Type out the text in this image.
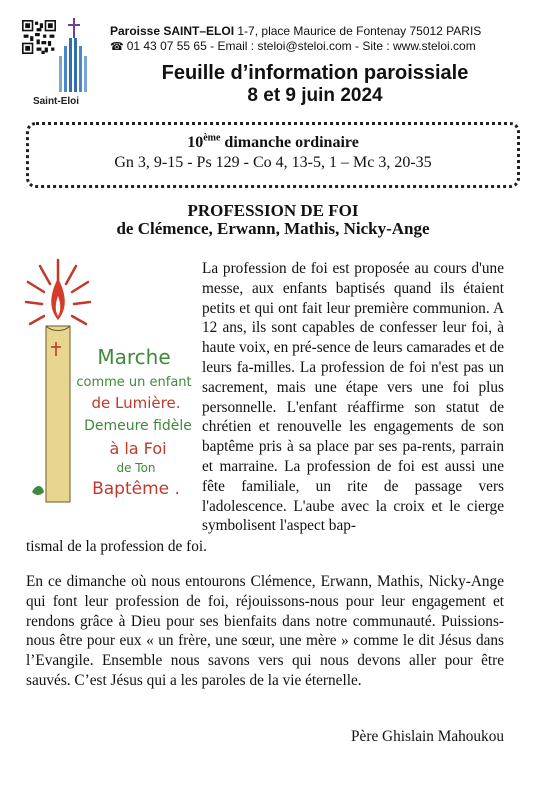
Saint-Eloi
Paroisse SAINT–ELOI 1-7, place Maurice de Fontenay 75012 PARIS
☎ 01 43 07 55 65 - Email : steloi@steloi.com - Site : www.steloi.com
Feuille d’information paroissiale
8 et 9 juin 2024
10ème dimanche ordinaire
Gn 3, 9-15 - Ps 129 - Co 4, 13-5, 1 – Mc 3, 20-35
PROFESSION DE FOI
de Clémence, Erwann, Mathis, Nicky-Ange
Marche
comme un enfant
de Lumière.
Demeure fidèle
à la Foi
de Ton
Baptême .
La profession de foi est proposée au cours d'une messe, aux enfants baptisés quand ils étaient petits et qui ont fait leur première communion. A 12 ans, ils sont capables de confesser leur foi, à haute voix, en pré-sence de leurs camarades et de leurs fa-milles. La profession de foi n'est pas un sacrement, mais une étape vers une foi plus personnelle. L'enfant réaffirme son statut de chrétien et renouvelle les engagements de son baptême pris à sa place par ses pa-rents, parrain et marraine. La profession de foi est aussi une fête familiale, un rite de passage vers l'adolescence. L'aube avec la croix et le cierge symbolisent l'aspect bap-
tismal de la profession de foi.
En ce dimanche où nous entourons Clémence, Erwann, Mathis, Nicky-Ange qui font leur profession de foi, réjouissons-nous pour leur engagement et rendons grâce à Dieu pour ses bienfaits dans notre communauté. Puissions-nous être pour eux « un frère, une sœur, une mère » comme le dit Jésus dans l’Evangile. Ensemble nous savons vers qui nous devons aller pour être sauvés. C’est Jésus qui a les paroles de la vie éternelle.
Père Ghislain Mahoukou
